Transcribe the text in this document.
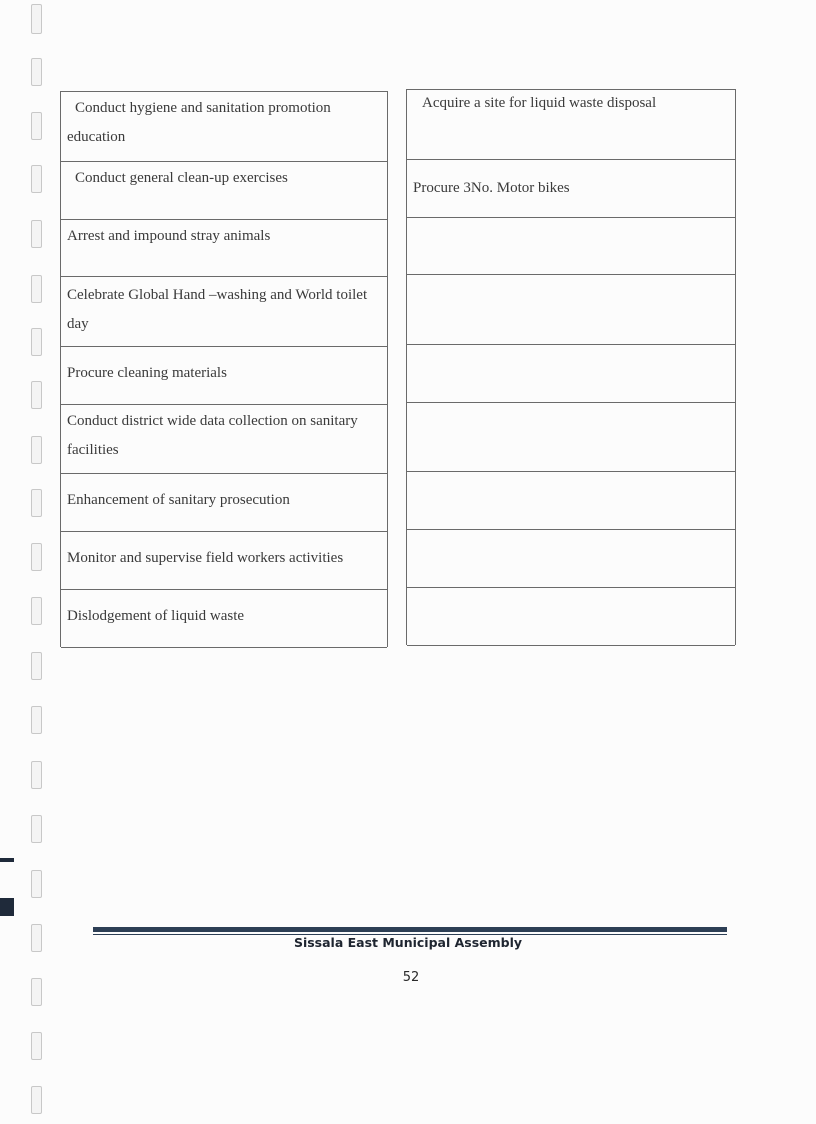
Conduct hygiene and sanitation promotion education
Conduct general clean-up exercises
Arrest and impound stray animals
Celebrate Global Hand –washing and World toilet day
Procure cleaning materials
Conduct district wide data collection on sanitary facilities
Enhancement of sanitary prosecution
Monitor and supervise field workers activities
Dislodgement of liquid waste
Acquire a site for liquid waste disposal
Procure 3No. Motor bikes
Sissala East Municipal Assembly
52
